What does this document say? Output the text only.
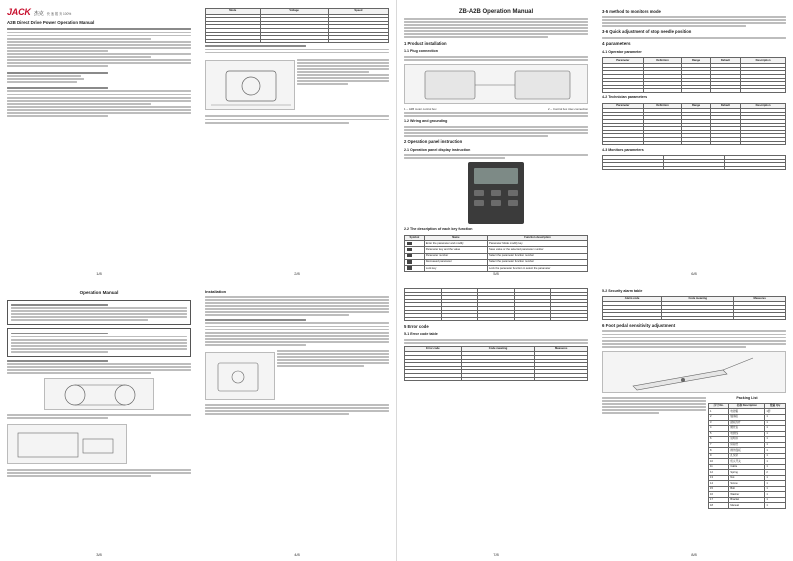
JACK 杰克 快 速 服 务 100%
A2B Direct Drive Power Operation Manual
1/8
Mode	Voltage	Speed

2/8
Operation Manual
3/8
Installation
4/8
ZB-A2B Operation Manual
1 Product installation
1.1 Plug connection
1 -- A2B motor control box	2 -- Control box inter-connection
1.2 Wiring and grounding
2 Operation panel instruction
2.1 Operation panel display instruction
2.2 The description of each key function
Symbol	Name	Function description
	Enter the parameter and modify	Parameter Mode modify key
	Parameter key and the value	Save value or the selected parameter number
	Parameter number	Select the parameter function number
	Decreased parameter	Select the parameter function number
	Lock key	Lock the parameter function in select the parameter
5/8
3-5 method to monitors mode
3-6 Quick adjustment of stop needle position
4 parameters
4-1 Operator parameter
Parameter	Definition	Range	Default	Description

4-2 Technician parameters
Parameter	Definition	Range	Default	Description

4-3 Monitors parameters

6/8

5 Error code
5-1 Error code table
Error code	Code meaning	Measures

7/8
5-2 Security alarm table
Alarm code	Code meaning	Measures

6 Foot pedal sensitivity adjustment
Packing List
序号 No.	名称 Description	数量 Qty
1	电控箱	1套
2	轴承座	1
3	踏板连杆	1
4	螺丝包	1
5	电源线	1
6	说明书	1
7	保险丝	1
8	操作面板	1
9	扎线带	1
10	机头开关	1
11	Cable	1
12	Spring	2
13	Nut	1
14	Screw	1
15	Bolt	1
16	Washer	1
17	Bracket	1
18	Manual	1
8/8
